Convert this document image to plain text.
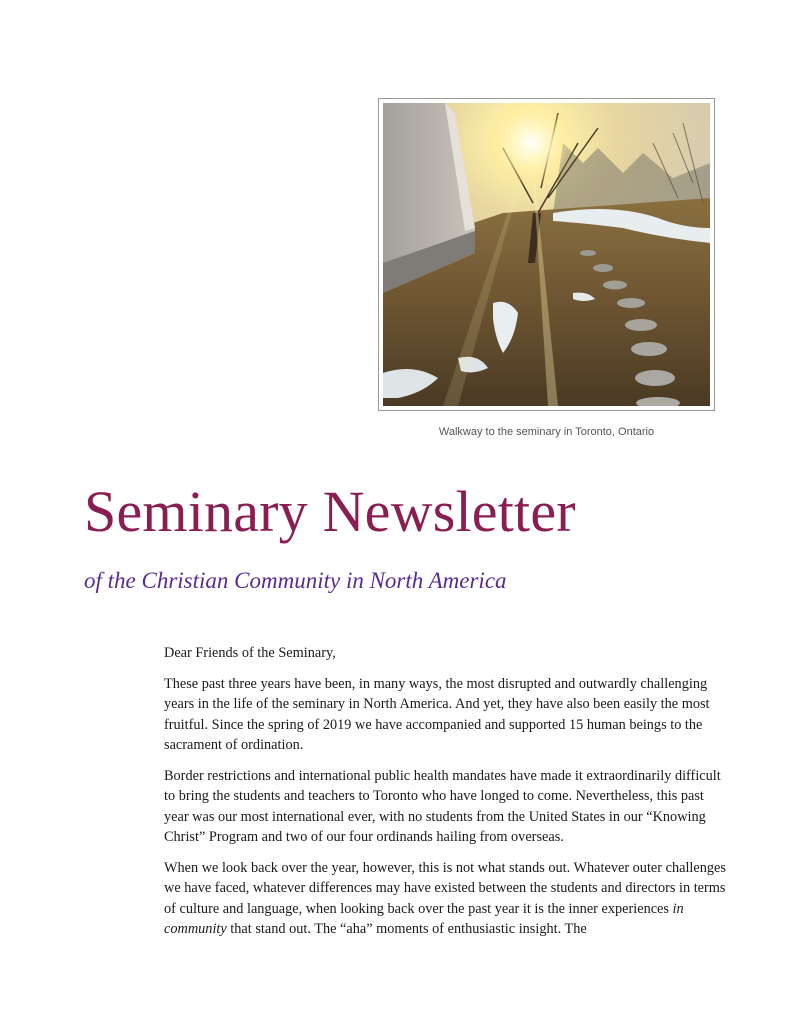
Walkway to the seminary in Toronto, Ontario
Seminary Newsletter
of the Christian Community in North America

Dear Friends of the Seminary,

These past three years have been, in many ways, the most disrupted and outwardly challenging years in the life of the seminary in North America. And yet, they have also been easily the most fruitful. Since the spring of 2019 we have accompanied and supported 15 human beings to the sacrament of ordination.

Border restrictions and international public health mandates have made it extraordinarily difficult to bring the students and teachers to Toronto who have longed to come. Nevertheless, this past year was our most international ever, with no students from the United States in our “Knowing Christ” Program and two of our four ordinands hailing from overseas.

When we look back over the year, however, this is not what stands out. Whatever outer challenges we have faced, whatever differences may have existed between the students and directors in terms of culture and language, when looking back over the past year it is the inner experiences in community that stand out. The “aha” moments of enthusiastic insight. The
